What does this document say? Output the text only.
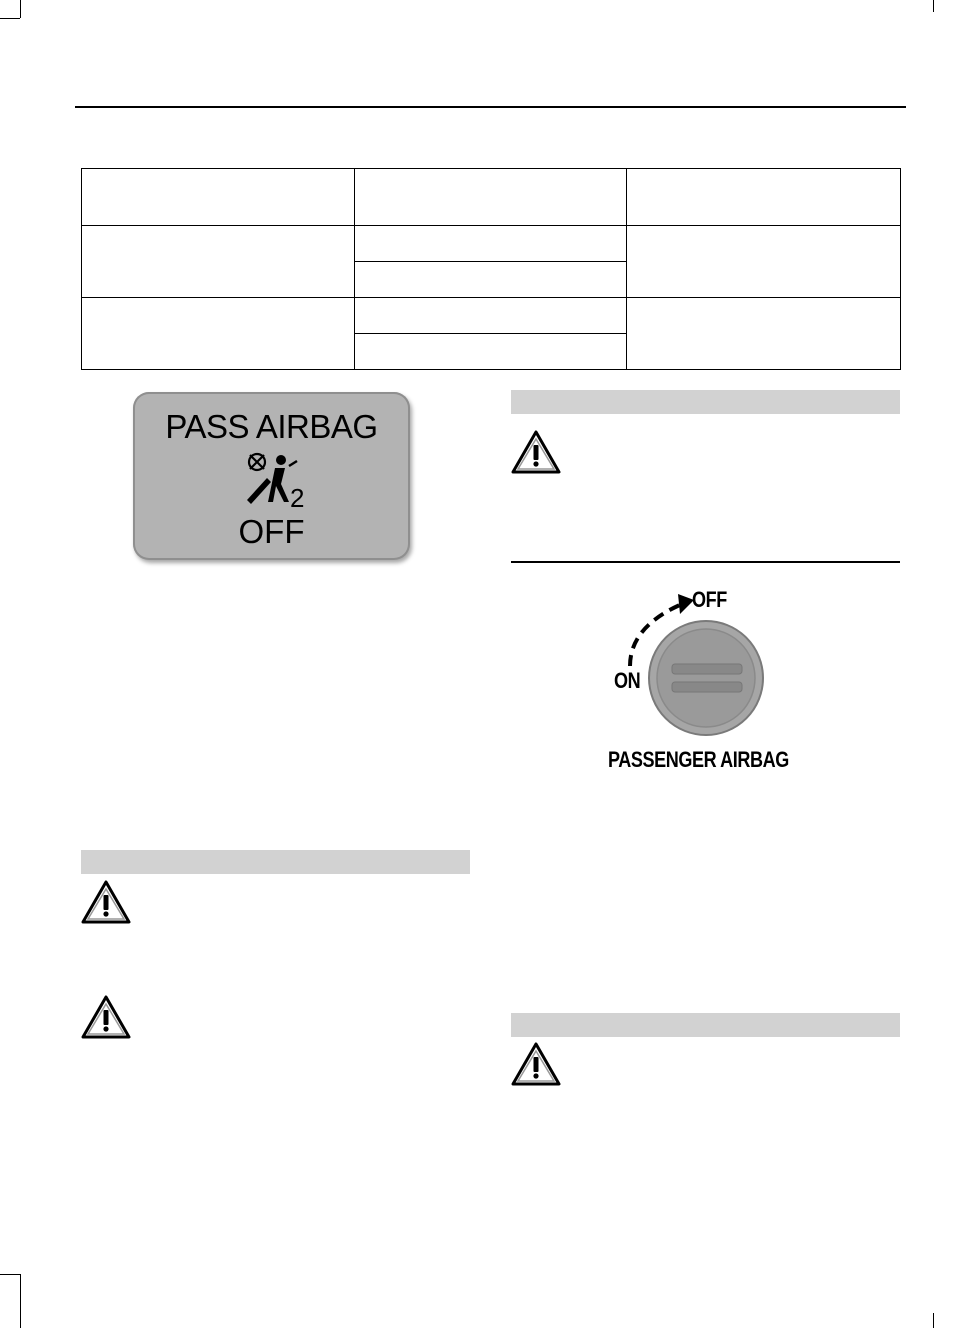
PASS AIRBAG
2
OFF
OFF
ON
PASSENGER AIRBAG
